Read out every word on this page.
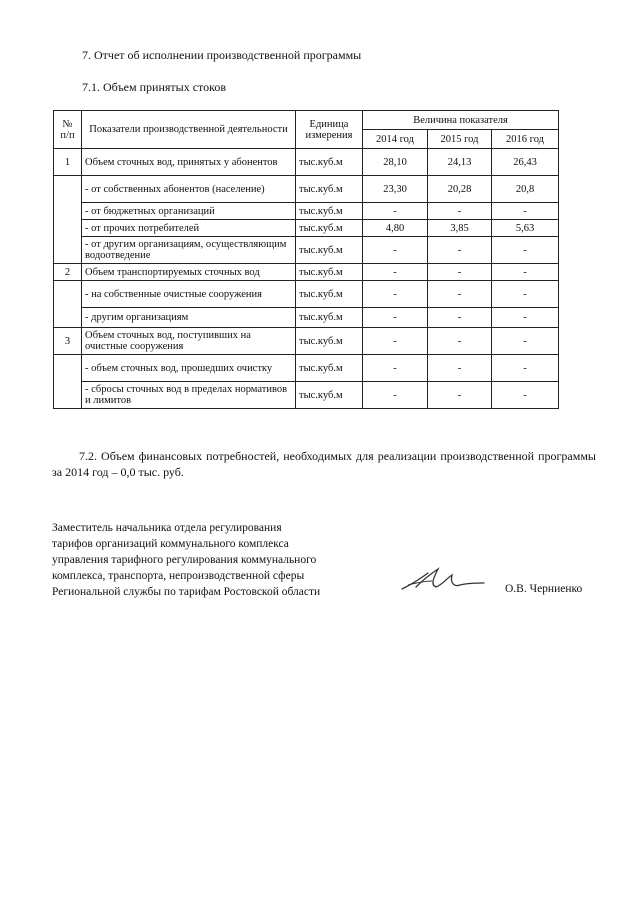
7. Отчет об исполнении производственной программы
7.1. Объем принятых стоков
№ п/п	Показатели производственной деятельности	Единица измерения	Величина показателя		
			2014 год	2015 год	2016 год
1	Объем сточных вод, принятых у абонентов	тыс.куб.м	28,10	24,13	26,43
	- от собственных абонентов (население)	тыс.куб.м	23,30	20,28	20,8
	- от бюджетных организаций	тыс.куб.м	-	-	-
	- от прочих потребителей	тыс.куб.м	4,80	3,85	5,63
	- от другим организациям, осуществляющим водоотведение	тыс.куб.м	-	-	-
2	Объем транспортируемых сточных вод	тыс.куб.м	-	-	-
	- на собственные очистные сооружения	тыс.куб.м	-	-	-
	- другим организациям	тыс.куб.м	-	-	-
3	Объем сточных вод, поступивших на очистные сооружения	тыс.куб.м	-	-	-
	- объем сточных вод, прошедших очистку	тыс.куб.м	-	-	-
	- сбросы сточных вод в пределах нормативов и лимитов	тыс.куб.м	-	-	-
7.2. Объем финансовых потребностей, необходимых для реализации производственной программы за 2014 год – 0,0 тыс. руб.
Заместитель начальника отдела регулирования
тарифов организаций коммунального комплекса
управления тарифного регулирования коммунального
комплекса, транспорта, непроизводственной сферы
Региональной службы по тарифам Ростовской области	О.В. Черниенко
